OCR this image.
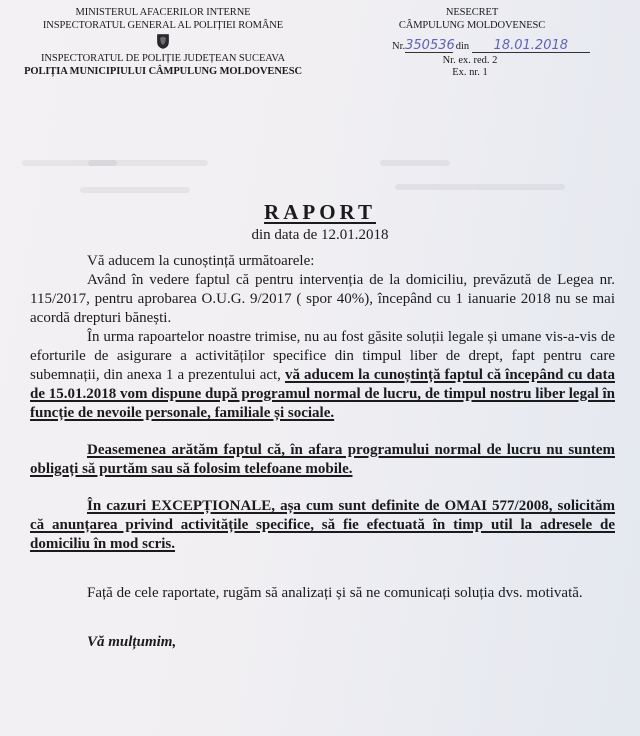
MINISTERUL AFACERILOR INTERNE
INSPECTORATUL GENERAL AL POLIȚIEI ROMÂNE
INSPECTORATUL DE POLIȚIE JUDEȚEAN SUCEAVA
POLIȚIA MUNICIPIULUI CÂMPULUNG MOLDOVENESC
NESECRET
CÂMPULUNG MOLDOVENESC
Nr.350536 din 18.01.2018
Nr. ex. red. 2
Ex. nr. 1
RAPORT
din data de 12.01.2018

Vă aducem la cunoștință următoarele:

Având în vedere faptul că pentru intervenția de la domiciliu, prevăzută de Legea nr. 115/2017, pentru aprobarea O.U.G. 9/2017 ( spor 40%), începând cu 1 ianuarie 2018 nu se mai acordă drepturi bănești.

În urma rapoartelor noastre trimise, nu au fost găsite soluții legale și umane vis-a-vis de eforturile de asigurare a activităților specifice din timpul liber de drept, fapt pentru care subemnații, din anexa 1 a prezentului act, vă aducem la cunoștință faptul că începând cu data de 15.01.2018 vom dispune după programul normal de lucru, de timpul nostru liber legal în funcție de nevoile personale, familiale și sociale.

Deasemenea arătăm faptul că, în afara programului normal de lucru nu suntem obligați să purtăm sau să folosim telefoane mobile.

În cazuri EXCEPȚIONALE, așa cum sunt definite de OMAI 577/2008, solicităm că anunțarea privind activitățile specifice, să fie efectuată în timp util la adresele de domiciliu în mod scris.

Față de cele raportate, rugăm să analizați și să ne comunicați soluția dvs. motivată.

Vă mulțumim,
